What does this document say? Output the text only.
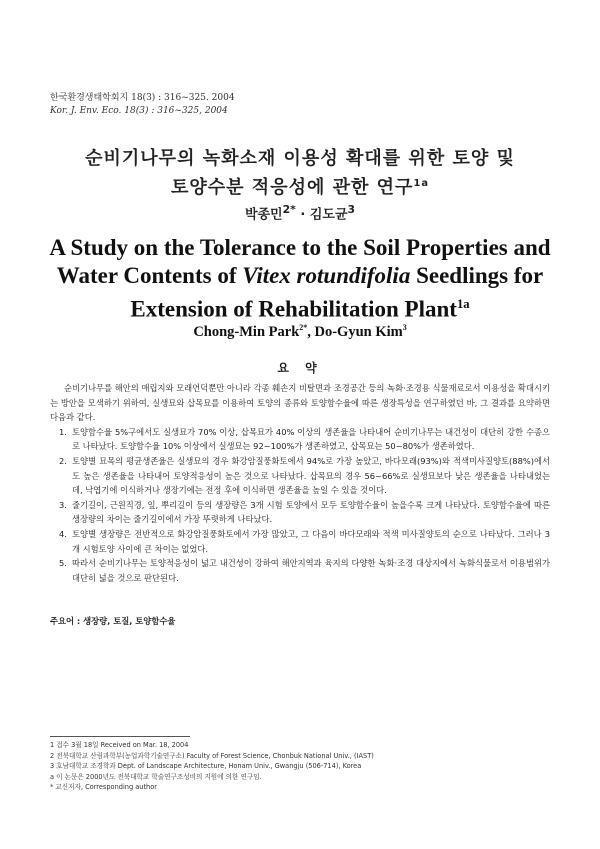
한국환경생태학회지 18(3) : 316~325. 2004
Kor. J. Env. Eco. 18(3) : 316~325, 2004
순비기나무의 녹화소재 이용성 확대를 위한 토양 및
토양수분 적응성에 관한 연구$^{1a}$
박종민$^{2*}$ · 김도균$^3$
A Study on the Tolerance to the Soil Properties and
Water Contents of Vitex rotundifolia Seedlings for
Extension of Rehabilitation Plant$^{1a}$
Chong-Min Park$^{2*}$, Do-Gyun Kim$^3$
요 약

순비기나무를 해안의 매립지와 모래언덕뿐만 아니라 각종 훼손지 비탈면과 조경공간 등의 녹화·조경용 식물재료로서 이용성을 확대시키는 방안을 모색하기 위하여, 실생묘와 삽목묘를 이용하여 토양의 종류와 토양함수율에 따른 생장특성을 연구하였던 바, 그 결과를 요약하면 다음과 같다.

1. 토양함수율 5%구에서도 실생묘가 70% 이상, 삽목묘가 40% 이상의 생존율을 나타내어 순비기나무는 내건성이 대단히 강한 수종으로 나타났다. 토양함수율 10% 이상에서 실생묘는 92~100%가 생존하였고, 삽목묘는 50~80%가 생존하였다.
2. 토양별 묘목의 평균생존율은 실생묘의 경우 화강암질풍화토에서 94%로 가장 높았고, 바다모래(93%)와 적색미사질양토(88%)에서도 높은 생존율을 나타내어 토양적응성이 높은 것으로 나타났다. 삽목묘의 경우 56~66%로 실생묘보다 낮은 생존율을 나타내었는데, 낙엽기에 이식하거나 생장기에는 전정 후에 이식하면 생존율을 높일 수 있을 것이다.
3. 줄기길이, 근원직경, 잎, 뿌리길이 등의 생장량은 3개 시험 토양에서 모두 토양함수율이 높을수록 크게 나타났다. 토양함수율에 따른 생장량의 차이는 줄기길이에서 가장 뚜렷하게 나타났다.
4. 토양별 생장량은 전반적으로 화강암질풍화토에서 가장 많았고, 그 다음이 바다모래와 적색 미사질양토의 순으로 나타났다. 그러나 3개 시험토양 사이에 큰 차이는 없었다.
5. 따라서 순비기나무는 토양적응성이 넓고 내건성이 강하여 해안지역과 육지의 다양한 녹화·조경 대상지에서 녹화식물로서 이용범위가 대단히 넓을 것으로 판단된다.
주요어 : 생장량, 토질, 토양함수율
1 접수 3월 18일 Received on Mar. 18, 2004
2 전북대학교 산림과학부(농업과학기술연구소) Faculty of Forest Science, Chonbuk National Univ., (IAST)
3 호남대학교 조경학과 Dept. of Landscape Architecture, Honam Univ., Gwangju (506-714), Korea
a 이 논문은 2000년도 전북대학교 학술연구조성비의 지원에 의한 연구임.
* 교신저자, Corresponding author
